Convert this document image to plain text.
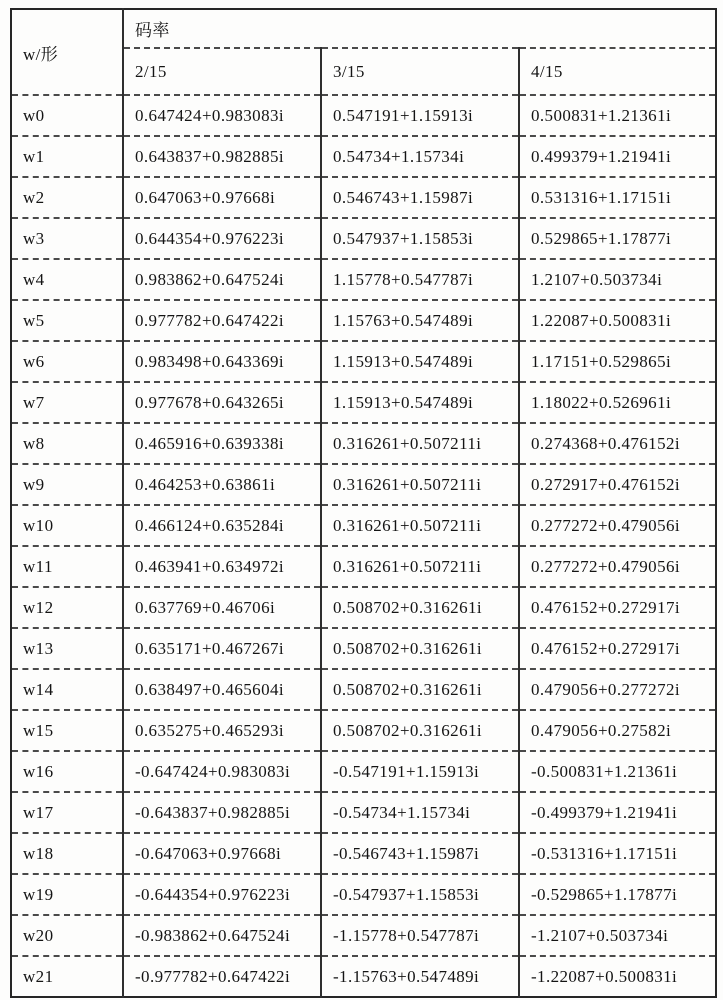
w/形	码率		
	2/15	3/15	4/15
w0	0.647424+0.983083i	0.547191+1.15913i	0.500831+1.21361i
w1	0.643837+0.982885i	0.54734+1.15734i	0.499379+1.21941i
w2	0.647063+0.97668i	0.546743+1.15987i	0.531316+1.17151i
w3	0.644354+0.976223i	0.547937+1.15853i	0.529865+1.17877i
w4	0.983862+0.647524i	1.15778+0.547787i	1.2107+0.503734i
w5	0.977782+0.647422i	1.15763+0.547489i	1.22087+0.500831i
w6	0.983498+0.643369i	1.15913+0.547489i	1.17151+0.529865i
w7	0.977678+0.643265i	1.15913+0.547489i	1.18022+0.526961i
w8	0.465916+0.639338i	0.316261+0.507211i	0.274368+0.476152i
w9	0.464253+0.63861i	0.316261+0.507211i	0.272917+0.476152i
w10	0.466124+0.635284i	0.316261+0.507211i	0.277272+0.479056i
w11	0.463941+0.634972i	0.316261+0.507211i	0.277272+0.479056i
w12	0.637769+0.46706i	0.508702+0.316261i	0.476152+0.272917i
w13	0.635171+0.467267i	0.508702+0.316261i	0.476152+0.272917i
w14	0.638497+0.465604i	0.508702+0.316261i	0.479056+0.277272i
w15	0.635275+0.465293i	0.508702+0.316261i	0.479056+0.27582i
w16	-0.647424+0.983083i	-0.547191+1.15913i	-0.500831+1.21361i
w17	-0.643837+0.982885i	-0.54734+1.15734i	-0.499379+1.21941i
w18	-0.647063+0.97668i	-0.546743+1.15987i	-0.531316+1.17151i
w19	-0.644354+0.976223i	-0.547937+1.15853i	-0.529865+1.17877i
w20	-0.983862+0.647524i	-1.15778+0.547787i	-1.2107+0.503734i
w21	-0.977782+0.647422i	-1.15763+0.547489i	-1.22087+0.500831i
